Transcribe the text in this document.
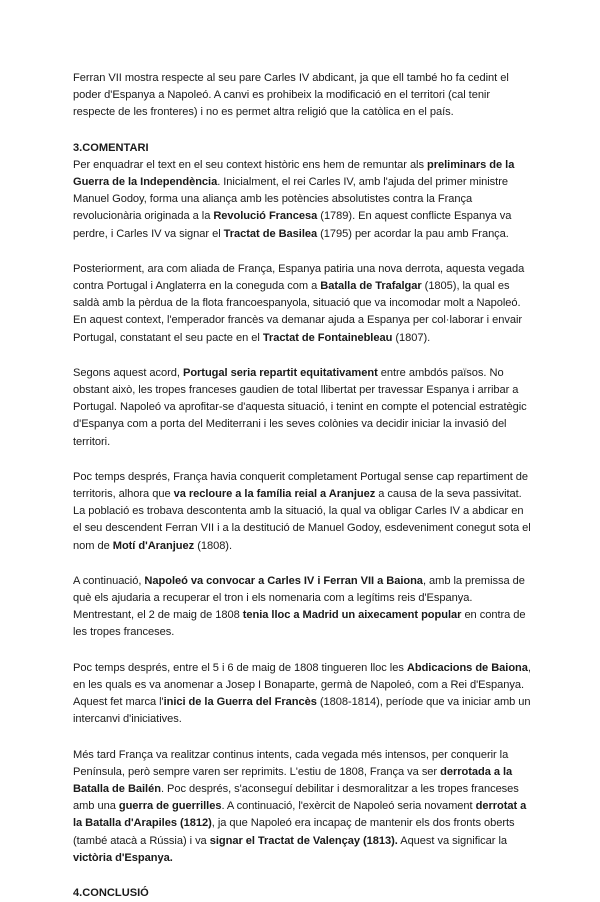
Ferran VII mostra respecte al seu pare Carles IV abdicant, ja que ell també ho fa cedint el poder d'Espanya a Napoleó. A canvi es prohibeix la modificació en el territori (cal tenir respecte de les fronteres) i no es permet altra religió que la catòlica en el país.

3.COMENTARI

Per enquadrar el text en el seu context històric ens hem de remuntar als preliminars de la Guerra de la Independència. Inicialment, el rei Carles IV, amb l'ajuda del primer ministre Manuel Godoy, forma una aliança amb les potències absolutistes contra la França revolucionària originada a la Revolució Francesa (1789). En aquest conflicte Espanya va perdre, i Carles IV va signar el Tractat de Basilea (1795) per acordar la pau amb França.

Posteriorment, ara com aliada de França, Espanya patiria una nova derrota, aquesta vegada contra Portugal i Anglaterra en la coneguda com a Batalla de Trafalgar (1805), la qual es saldà amb la pèrdua de la flota francoespanyola, situació que va incomodar molt a Napoleó. En aquest context, l'emperador francès va demanar ajuda a Espanya per col·laborar i envair Portugal, constatant el seu pacte en el Tractat de Fontainebleau (1807).

Segons aquest acord, Portugal seria repartit equitativament entre ambdós països. No obstant això, les tropes franceses gaudien de total llibertat per travessar Espanya i arribar a Portugal. Napoleó va aprofitar-se d'aquesta situació, i tenint en compte el potencial estratègic d'Espanya com a porta del Mediterrani i les seves colònies va decidir iniciar la invasió del territori.

Poc temps després, França havia conquerit completament Portugal sense cap repartiment de territoris, alhora que va recloure a la família reial a Aranjuez a causa de la seva passivitat. La població es trobava descontenta amb la situació, la qual va obligar Carles IV a abdicar en el seu descendent Ferran VII i a la destitució de Manuel Godoy, esdeveniment conegut sota el nom de Motí d'Aranjuez (1808).

A continuació, Napoleó va convocar a Carles IV i Ferran VII a Baiona, amb la premissa de què els ajudaria a recuperar el tron i els nomenaria com a legítims reis d'Espanya. Mentrestant, el 2 de maig de 1808 tenia lloc a Madrid un aixecament popular en contra de les tropes franceses.

Poc temps després, entre el 5 i 6 de maig de 1808 tingueren lloc les Abdicacions de Baiona, en les quals es va anomenar a Josep I Bonaparte, germà de Napoleó, com a Rei d'Espanya. Aquest fet marca l'inici de la Guerra del Francès (1808-1814), període que va iniciar amb un intercanvi d'iniciatives.

Més tard França va realitzar continus intents, cada vegada més intensos, per conquerir la Península, però sempre varen ser reprimits. L'estiu de 1808, França va ser derrotada a la Batalla de Bailén. Poc després, s'aconseguí debilitar i desmoralitzar a les tropes franceses amb una guerra de guerrilles. A continuació, l'exèrcit de Napoleó seria novament derrotat a la Batalla d'Arapiles (1812), ja que Napoleó era incapaç de mantenir els dos fronts oberts (també atacà a Rússia) i va signar el Tractat de Valençay (1813). Aquest va significar la victòria d'Espanya.

4.CONCLUSIÓ
